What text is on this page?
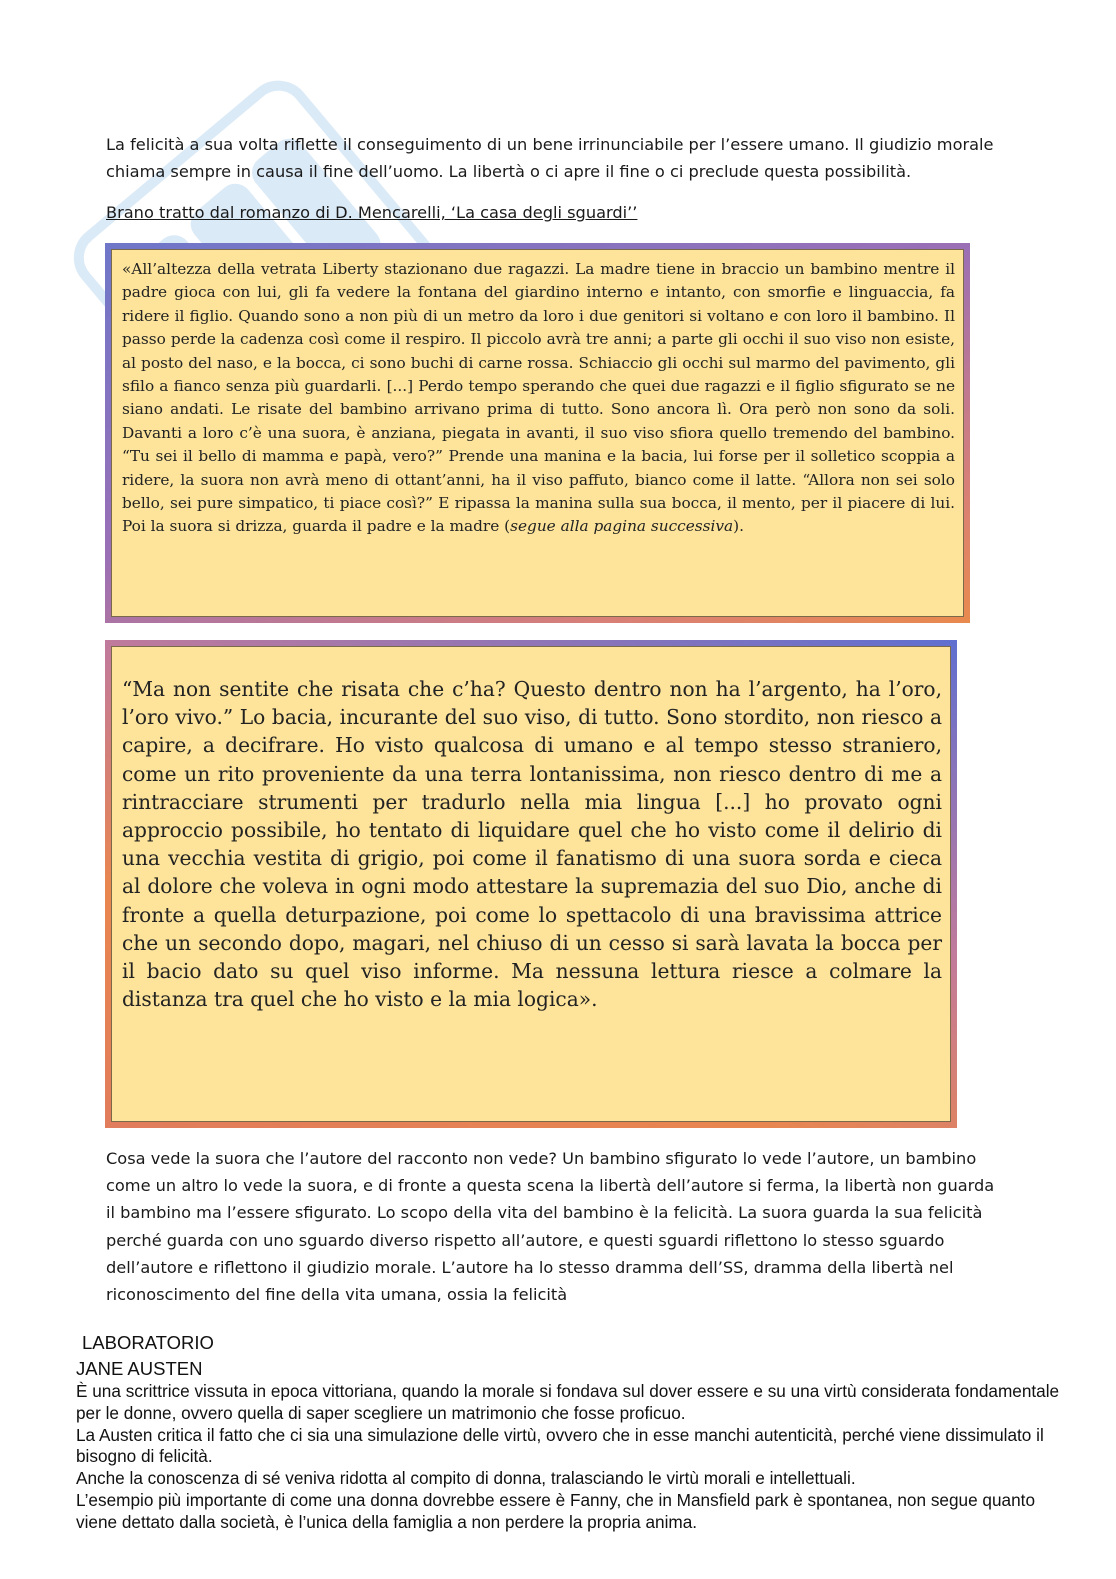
La felicità a sua volta riflette il conseguimento di un bene irrinunciabile per l’essere umano. Il giudizio morale chiama sempre in causa il fine dell’uomo. La libertà o ci apre il fine o ci preclude questa possibilità.

Brano tratto dal romanzo di D. Mencarelli, ‘La casa degli sguardi’’

«All’altezza della vetrata Liberty stazionano due ragazzi. La madre tiene in braccio un bambino mentre il padre gioca con lui, gli fa vedere la fontana del giardino interno e intanto, con smorfie e linguaccia, fa ridere il figlio. Quando sono a non più di un metro da loro i due genitori si voltano e con loro il bambino. Il passo perde la cadenza così come il respiro. Il piccolo avrà tre anni; a parte gli occhi il suo viso non esiste, al posto del naso, e la bocca, ci sono buchi di carne rossa. Schiaccio gli occhi sul marmo del pavimento, gli sfilo a fianco senza più guardarli. [...] Perdo tempo sperando che quei due ragazzi e il figlio sfigurato se ne siano andati. Le risate del bambino arrivano prima di tutto. Sono ancora lì. Ora però non sono da soli. Davanti a loro c’è una suora, è anziana, piegata in avanti, il suo viso sfiora quello tremendo del bambino. “Tu sei il bello di mamma e papà, vero?” Prende una manina e la bacia, lui forse per il solletico scoppia a ridere, la suora non avrà meno di ottant’anni, ha il viso paffuto, bianco come il latte. “Allora non sei solo bello, sei pure simpatico, ti piace così?” E ripassa la manina sulla sua bocca, il mento, per il piacere di lui. Poi la suora si drizza, guarda il padre e la madre (segue alla pagina successiva).

“Ma non sentite che risata che c’ha? Questo dentro non ha l’argento, ha l’oro, l’oro vivo.” Lo bacia, incurante del suo viso, di tutto. Sono stordito, non riesco a capire, a decifrare. Ho visto qualcosa di umano e al tempo stesso straniero, come un rito proveniente da una terra lontanissima, non riesco dentro di me a rintracciare strumenti per tradurlo nella mia lingua [...] ho provato ogni approccio possibile, ho tentato di liquidare quel che ho visto come il delirio di una vecchia vestita di grigio, poi come il fanatismo di una suora sorda e cieca al dolore che voleva in ogni modo attestare la supremazia del suo Dio, anche di fronte a quella deturpazione, poi come lo spettacolo di una bravissima attrice che un secondo dopo, magari, nel chiuso di un cesso si sarà lavata la bocca per il bacio dato su quel viso informe. Ma nessuna lettura riesce a colmare la distanza tra quel che ho visto e la mia logica».

Cosa vede la suora che l’autore del racconto non vede? Un bambino sfigurato lo vede l’autore, un bambino come un altro lo vede la suora, e di fronte a questa scena la libertà dell’autore si ferma, la libertà non guarda il bambino ma l’essere sfigurato. Lo scopo della vita del bambino è la felicità. La suora guarda la sua felicità perché guarda con uno sguardo diverso rispetto all’autore, e questi sguardi riflettono lo stesso sguardo dell’autore e riflettono il giudizio morale. L’autore ha lo stesso dramma dell’SS, dramma della libertà nel riconoscimento del fine della vita umana, ossia la felicità

LABORATORIO

JANE AUSTEN

È una scrittrice vissuta in epoca vittoriana, quando la morale si fondava sul dover essere e su una virtù considerata fondamentale per le donne, ovvero quella di saper scegliere un matrimonio che fosse proficuo.

La Austen critica il fatto che ci sia una simulazione delle virtù, ovvero che in esse manchi autenticità, perché viene dissimulato il bisogno di felicità.

Anche la conoscenza di sé veniva ridotta al compito di donna, tralasciando le virtù morali e intellettuali.

L’esempio più importante di come una donna dovrebbe essere è Fanny, che in Mansfield park è spontanea, non segue quanto viene dettato dalla società, è l’unica della famiglia a non perdere la propria anima.
